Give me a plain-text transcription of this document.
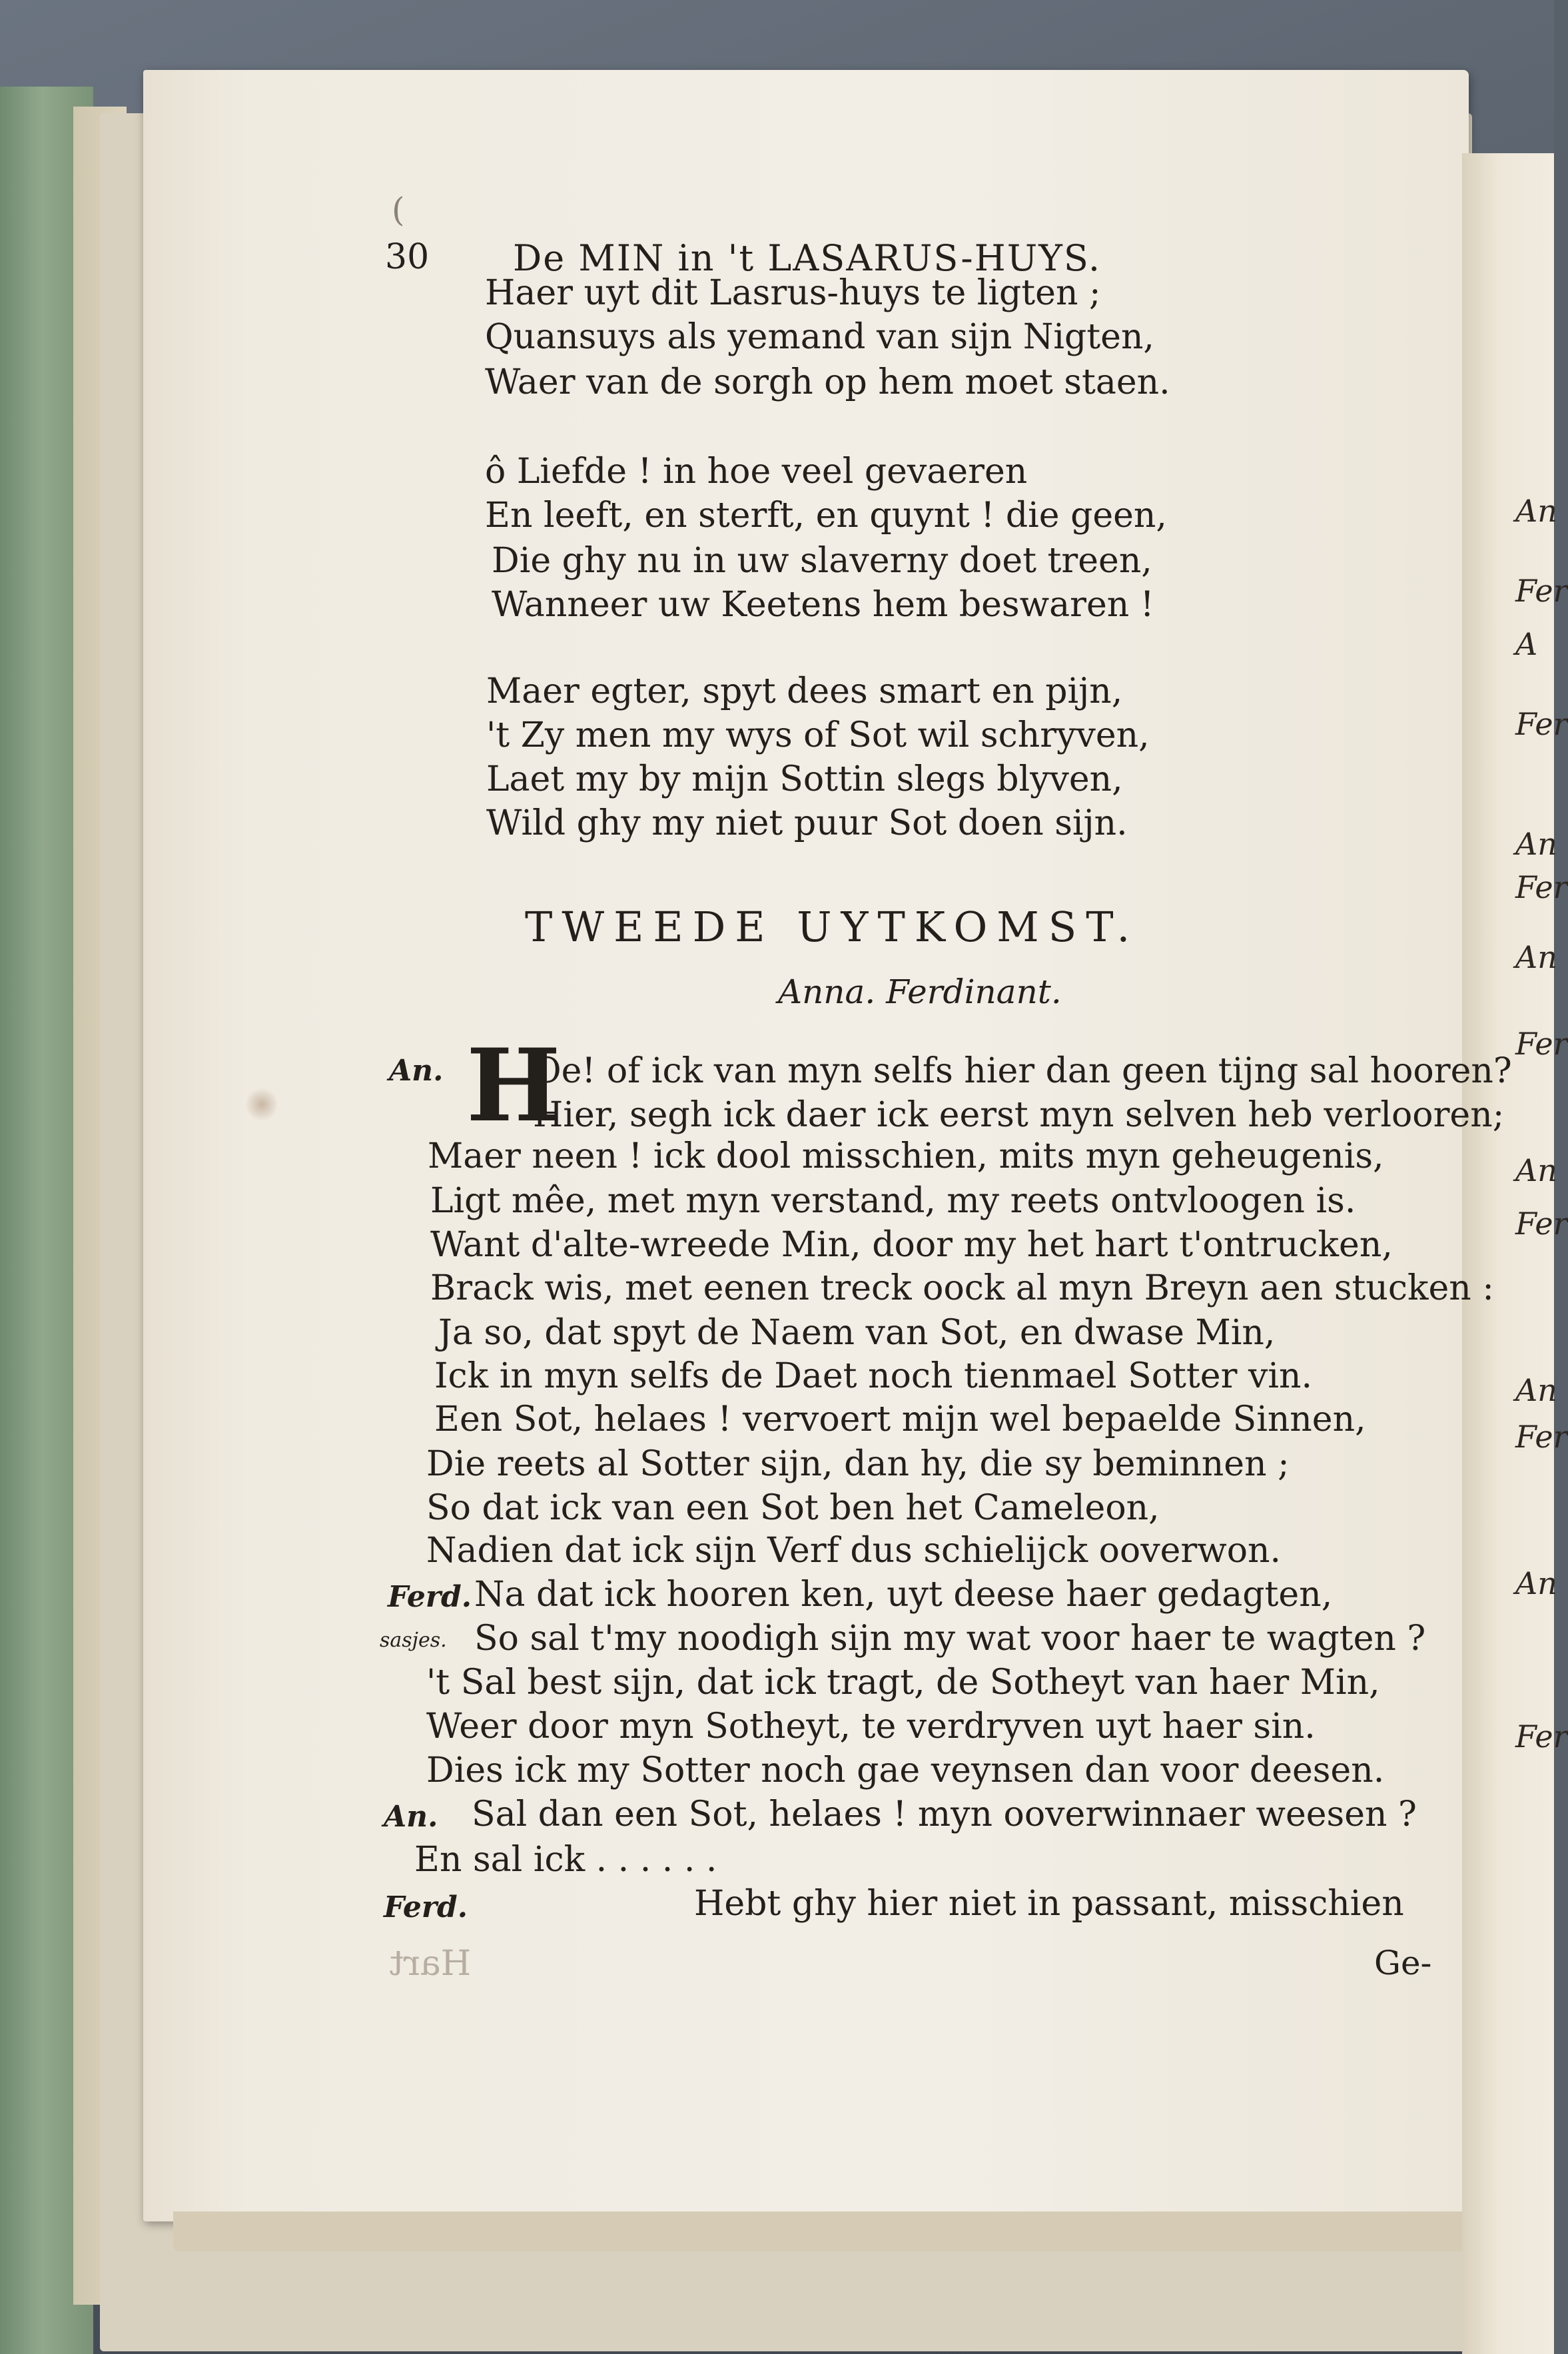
An
Fer
A
Fer
An
Fer
An
Fer
An
Fer
An
Fer
An
Fer
(
30 De MIN in 't LASARUS-HUYS.
Haer uyt dit Lasrus-huys te ligten ;
Quansuys als yemand van sijn Nigten,
Waer van de sorgh op hem moet staen.
ô Liefde ! in hoe veel gevaeren
En leeft, en sterft, en quynt ! die geen,
Die ghy nu in uw slaverny doet treen,
Wanneer uw Keetens hem beswaren !
Maer egter, spyt dees smart en pijn,
't Zy men my wys of Sot wil schryven,
Laet my by mijn Sottin slegs blyven,
Wild ghy my niet puur Sot doen sijn.
TWEEDE UYTKOMST.
Anna. Ferdinant.
An. H
Oe! of ick van myn selfs hier dan geen tijng sal hooren?
Hier, segh ick daer ick eerst myn selven heb verlooren;
Maer neen ! ick dool misschien, mits myn geheugenis,
Ligt mêe, met myn verstand, my reets ontvloogen is.
Want d'alte-wreede Min, door my het hart t'ontrucken,
Brack wis, met eenen treck oock al myn Breyn aen stucken :
Ja so, dat spyt de Naem van Sot, en dwase Min,
Ick in myn selfs de Daet noch tienmael Sotter vin.
Een Sot, helaes ! vervoert mijn wel bepaelde Sinnen,
Die reets al Sotter sijn, dan hy, die sy beminnen ;
So dat ick van een Sot ben het Cameleon,
Nadien dat ick sijn Verf dus schielijck ooverwon.
Ferd. Na dat ick hooren ken, uyt deese haer gedagten,
sasjes. So sal t'my noodigh sijn my wat voor haer te wagten ?
't Sal best sijn, dat ick tragt, de Sotheyt van haer Min,
Weer door myn Sotheyt, te verdryven uyt haer sin.
Dies ick my Sotter noch gae veynsen dan voor deesen.
An. Sal dan een Sot, helaes ! myn ooverwinnaer weesen ?
En sal ick . . . . . .
Ferd.	Hebt ghy hier niet in passant, misschien
Hart	Ge-
